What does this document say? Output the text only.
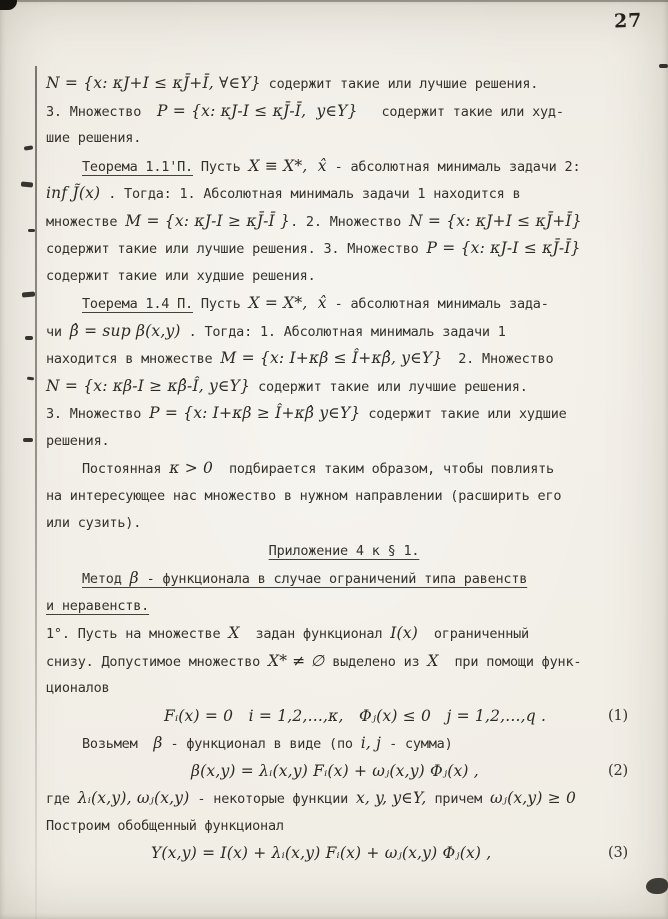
27
N = {x: κJ+I ≤ κJ̄+Ī, ∀∈Y} содержит такие или лучшие решения.
3. Множество  P = {x: κJ-I ≤ κJ̄-Ī,  y∈Y}   содержит такие или худ-
шие решения.
Теорема 1.1'П. Пусть X ≡ X*,  x̂ - абсолютная минималь задачи 2:
inf J̃(x) . Тогда: 1. Абсолютная минималь задачи 1 находится в
множестве M = {x: κJ-I ≥ κJ̄-Ī }. 2. Множество N = {x: κJ+I ≤ κJ̄+Ī}
содержит такие или лучшие решения. 3. Множество P = {x: κJ-I ≤ κJ̄-Ī}
содержит такие или худшие решения.
Тоерема 1.4 П. Пусть X = X*,  x̂ - абсолютная минималь зада-
чи β̂ = sup β(x,y) . Тогда: 1. Абсолютная минималь задачи 1
находится в множестве M = {x: I+κβ ≤ Î+κβ̂, y∈Y}  2. Множество
N = {x: κβ-I ≥ κβ̂-Î, y∈Y} содержит такие или лучшие решения.
3. Множество P = {x: I+κβ ≥ Î+κβ̂ y∈Y} содержит такие или худшие
решения.
Постоянная κ > 0  подбирается таким образом, чтобы повлиять
на интересующее нас множество в нужном направлении (расширить его
или сузить).
Приложение 4 к § 1.
Метод β - функционала в случае ограничений типа равенств
и неравенств.
1°. Пусть на множестве X  задан функционал I(x)  ограниченный
снизу. Допустимое множество X* ≠ ∅ выделено из X  при помощи функ-
ционалов
Fᵢ(x) = 0   i = 1,2,...,κ,   Φⱼ(x) ≤ 0   j = 1,2,...,q .	(1)
Возьмем  β - функционал в виде (по i, j - сумма)
β(x,y) = λᵢ(x,y) Fᵢ(x) + ωⱼ(x,y) Φⱼ(x) ,	(2)
где λᵢ(x,y), ωⱼ(x,y) - некоторые функции x, y, y∈Y, причем ωⱼ(x,y) ≥ 0
Построим обобщенный функционал
Y(x,y) = I(x) + λᵢ(x,y) Fᵢ(x) + ωⱼ(x,y) Φⱼ(x) ,	(3)
